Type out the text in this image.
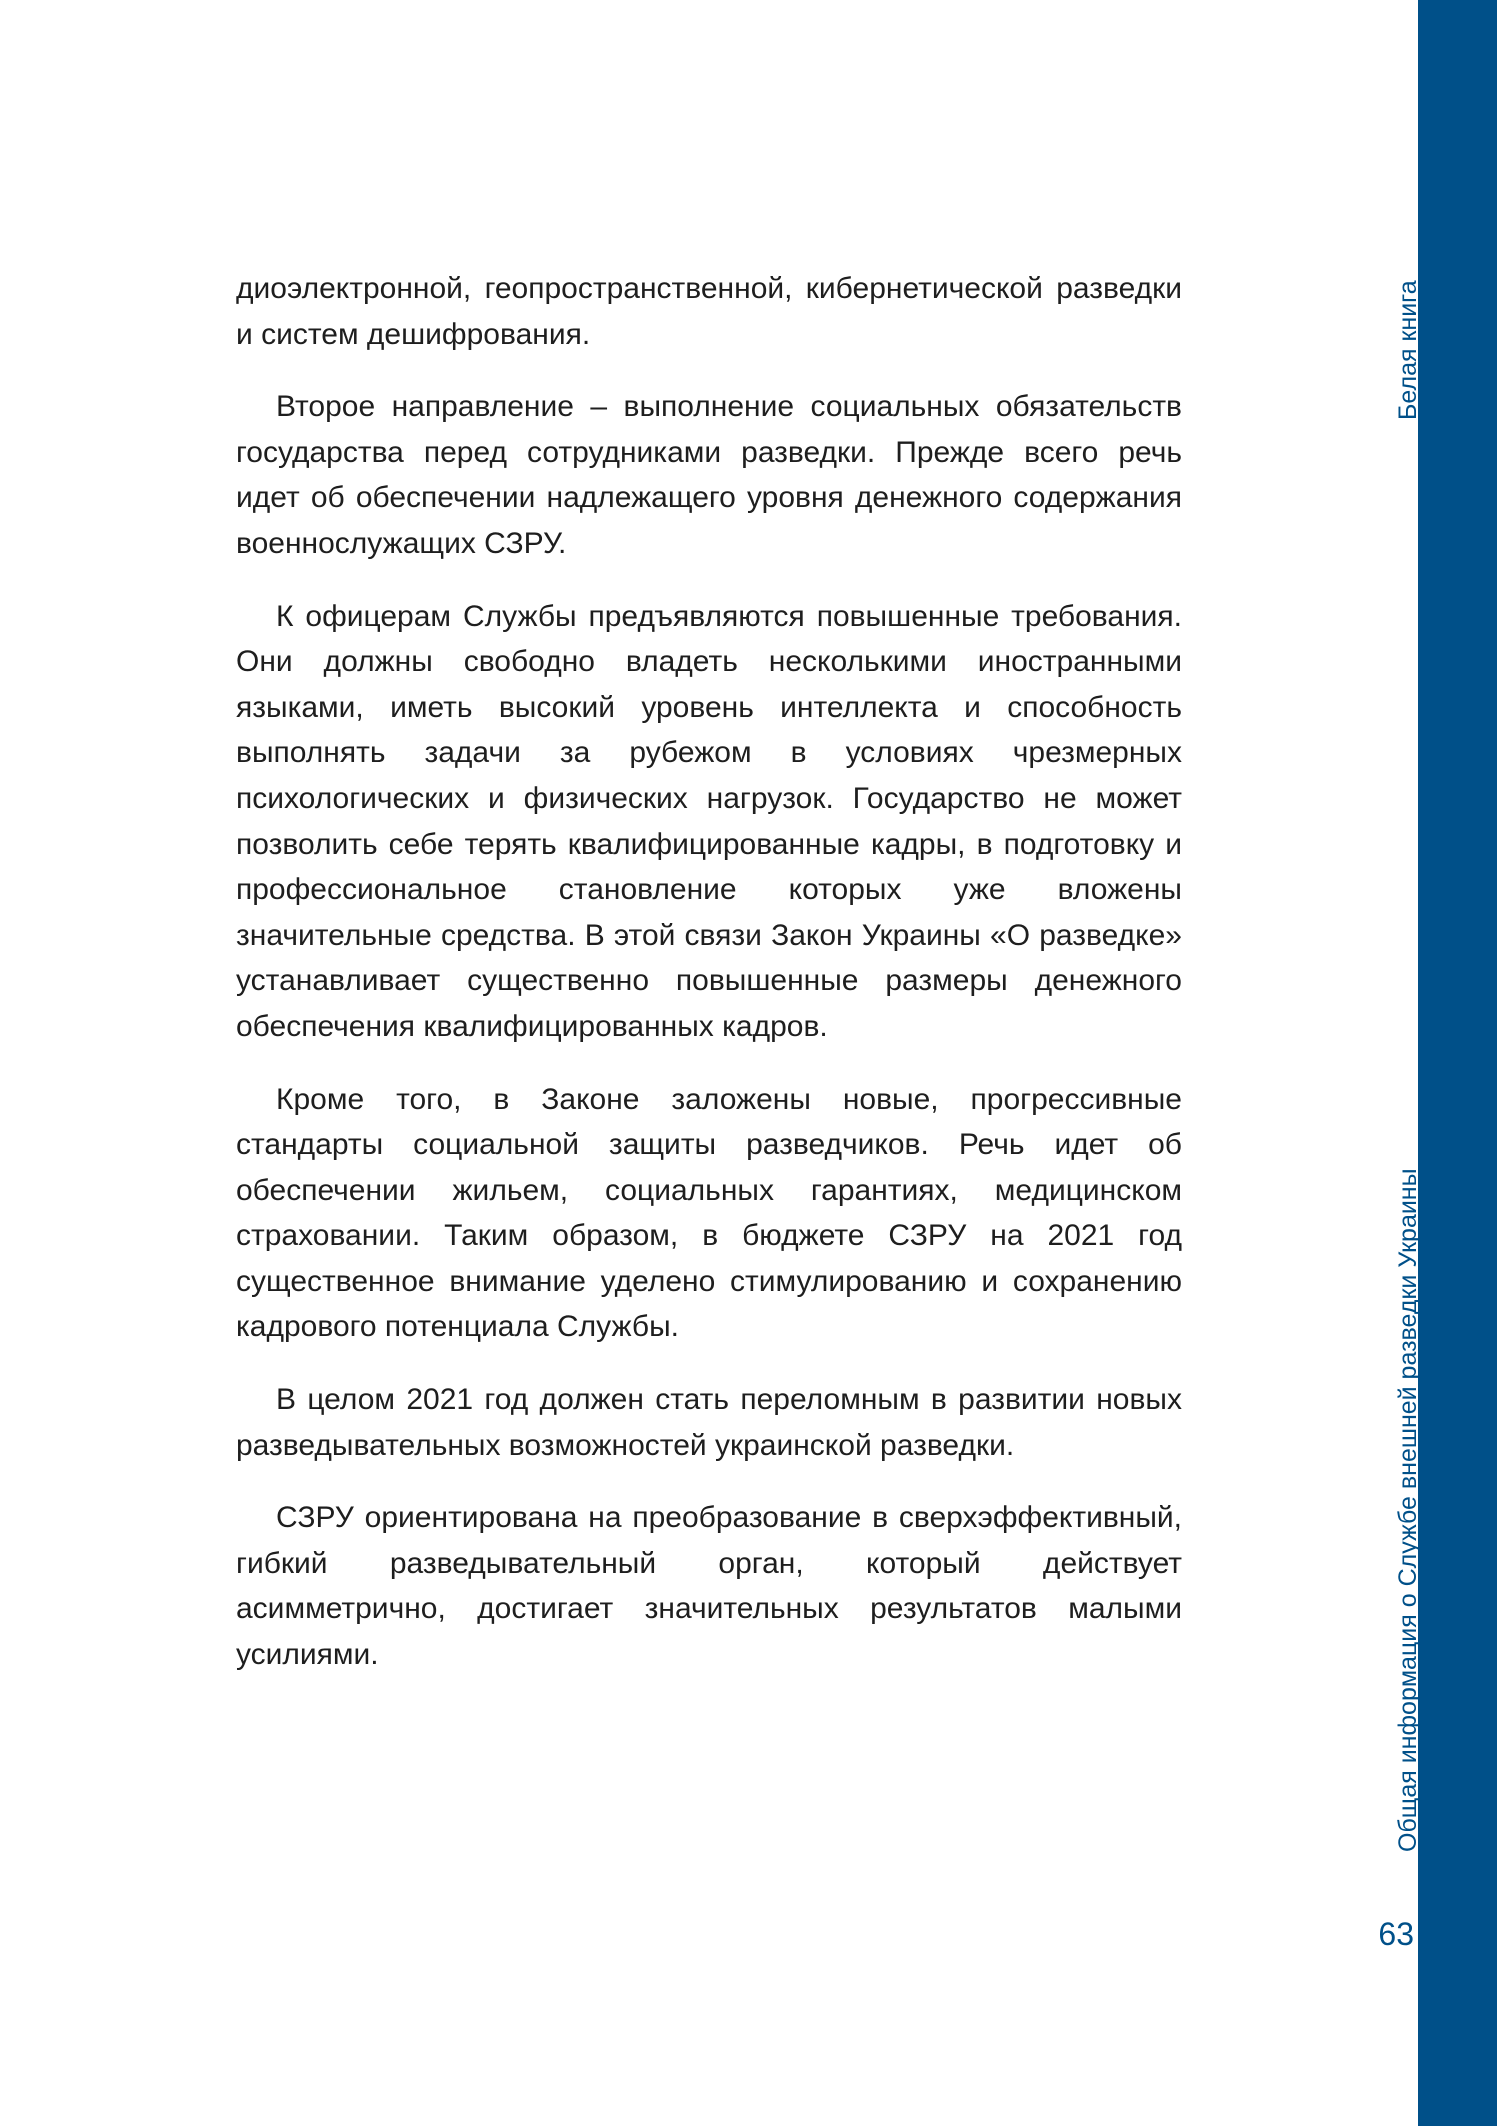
диоэлектронной, геопространственной, кибернетической разведки и систем дешифрования.

Второе направление – выполнение социальных обязательств государства перед сотрудниками разведки. Прежде всего речь идет об обеспечении надлежащего уровня денежного содержания военнослужащих СЗРУ.

К офицерам Службы предъявляются повышенные требования. Они должны свободно владеть несколькими иностранными языками, иметь высокий уровень интеллекта и способность выполнять задачи за рубежом в условиях чрезмерных психологических и физических нагрузок. Государство не может позволить себе терять квалифицированные кадры, в подготовку и профессиональное становление которых уже вложены значительные средства. В этой связи Закон Украины «О разведке» устанавливает существенно повышенные размеры денежного обеспечения квалифицированных кадров.

Кроме того, в Законе заложены новые, прогрессивные стандарты социальной защиты разведчиков. Речь идет об обеспечении жильем, социальных гарантиях, медицинском страховании. Таким образом, в бюджете СЗРУ на 2021 год существенное внимание уделено стимулированию и сохранению кадрового потенциала Службы.

В целом 2021 год должен стать переломным в развитии новых разведывательных возможностей украинской разведки.

СЗРУ ориентирована на преобразование в сверхэффективный, гибкий разведывательный орган, который действует асимметрично, достигает значительных результатов малыми усилиями.

Белая книга
Общая информация о Службе внешней разведки Украины
63
